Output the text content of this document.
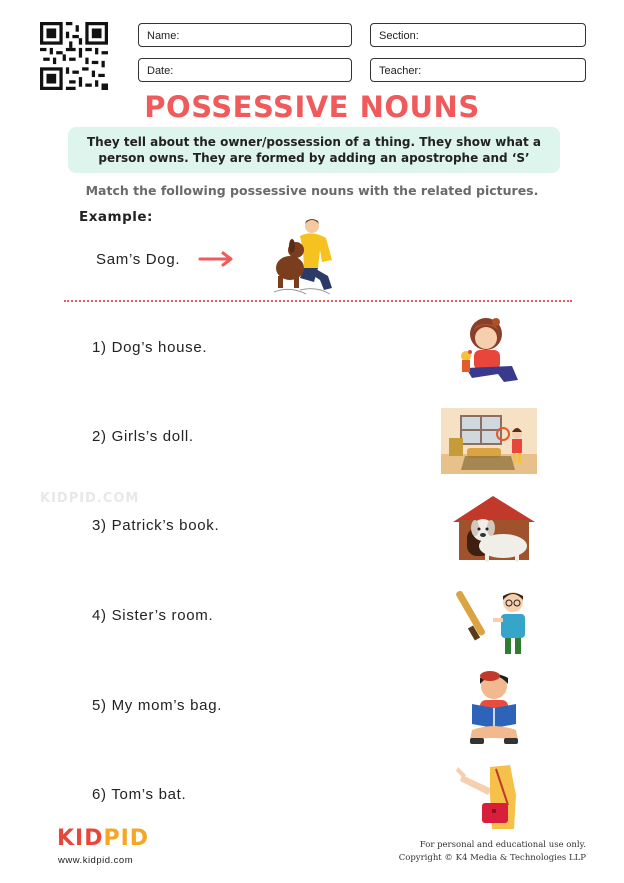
Name:	Section:
Date:	Teacher:
POSSESSIVE NOUNS
They tell about the owner/possession of a thing. They show what a person owns. They are formed by adding an apostrophe and ‘S’
Match the following possessive nouns with the related pictures.
Example:
Sam’s Dog.
1) Dog’s house.
2) Girls’s doll.
3) Patrick’s book.
4) Sister’s room.
5) My mom’s bag.
6) Tom’s bat.
KIDPID.COM
KIDPID
www.kidpid.com
For personal and educational use only.
Copyright © K4 Media & Technologies LLP
